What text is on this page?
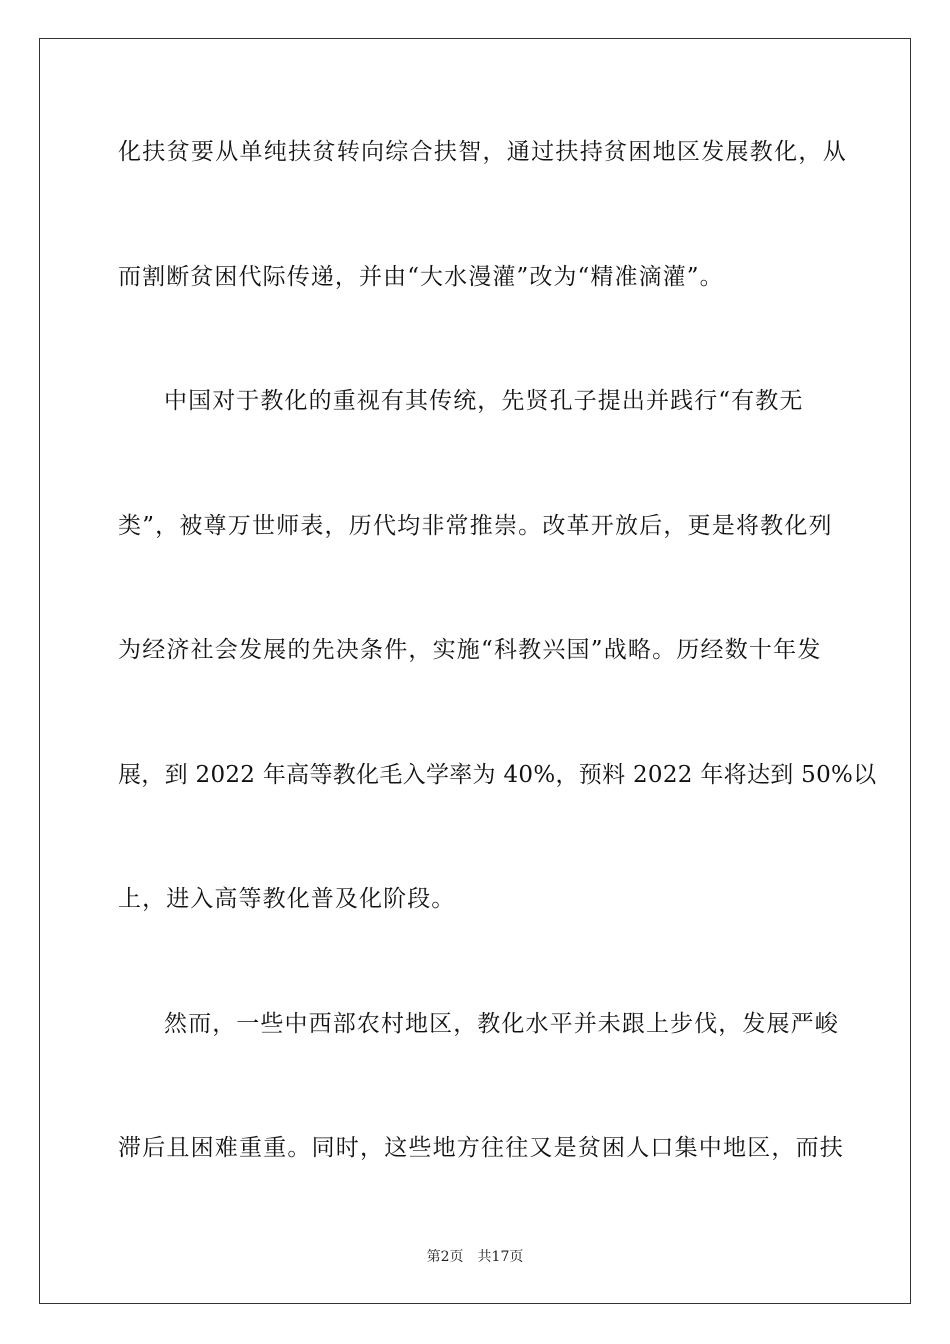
化扶贫要从单纯扶贫转向综合扶智，通过扶持贫困地区发展教化，从
而割断贫困代际传递，并由“大水漫灌”改为“精准滴灌”。
中国对于教化的重视有其传统，先贤孔子提出并践行“有教无
类”，被尊万世师表，历代均非常推崇。改革开放后，更是将教化列
为经济社会发展的先决条件，实施“科教兴国”战略。历经数十年发
展，到 2022 年高等教化毛入学率为 40%，预料 2022 年将达到 50%以
上，进入高等教化普及化阶段。
然而，一些中西部农村地区，教化水平并未跟上步伐，发展严峻
滞后且困难重重。同时，这些地方往往又是贫困人口集中地区，而扶
第2页 共17页
